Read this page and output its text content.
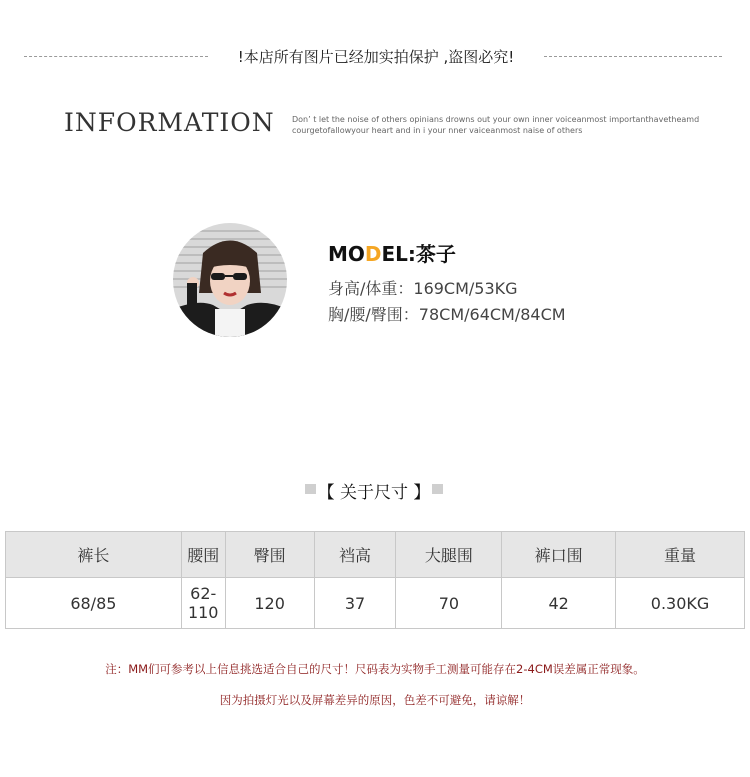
!本店所有图片已经加实拍保护 ,盗图必究!
INFORMATION Don’ t let the noise of others opinians drowns out your own inner voiceanmost importanthavetheamd
courgetofallowyour heart and in i your nner vaiceanmost naise of others
MODEL:茶子
身高/体重：169CM/53KG
胸/腰/臀围：78CM/64CM/84CM
【 关于尺寸 】
裤长	腰围	臀围	裆高	大腿围	裤口围	重量
68/85	62-110	120	37	70	42	0.30KG
注：MM们可参考以上信息挑选适合自己的尺寸！尺码表为实物手工测量可能存在2-4CM误差属正常现象。
因为拍摄灯光以及屏幕差异的原因，色差不可避免，请谅解！
